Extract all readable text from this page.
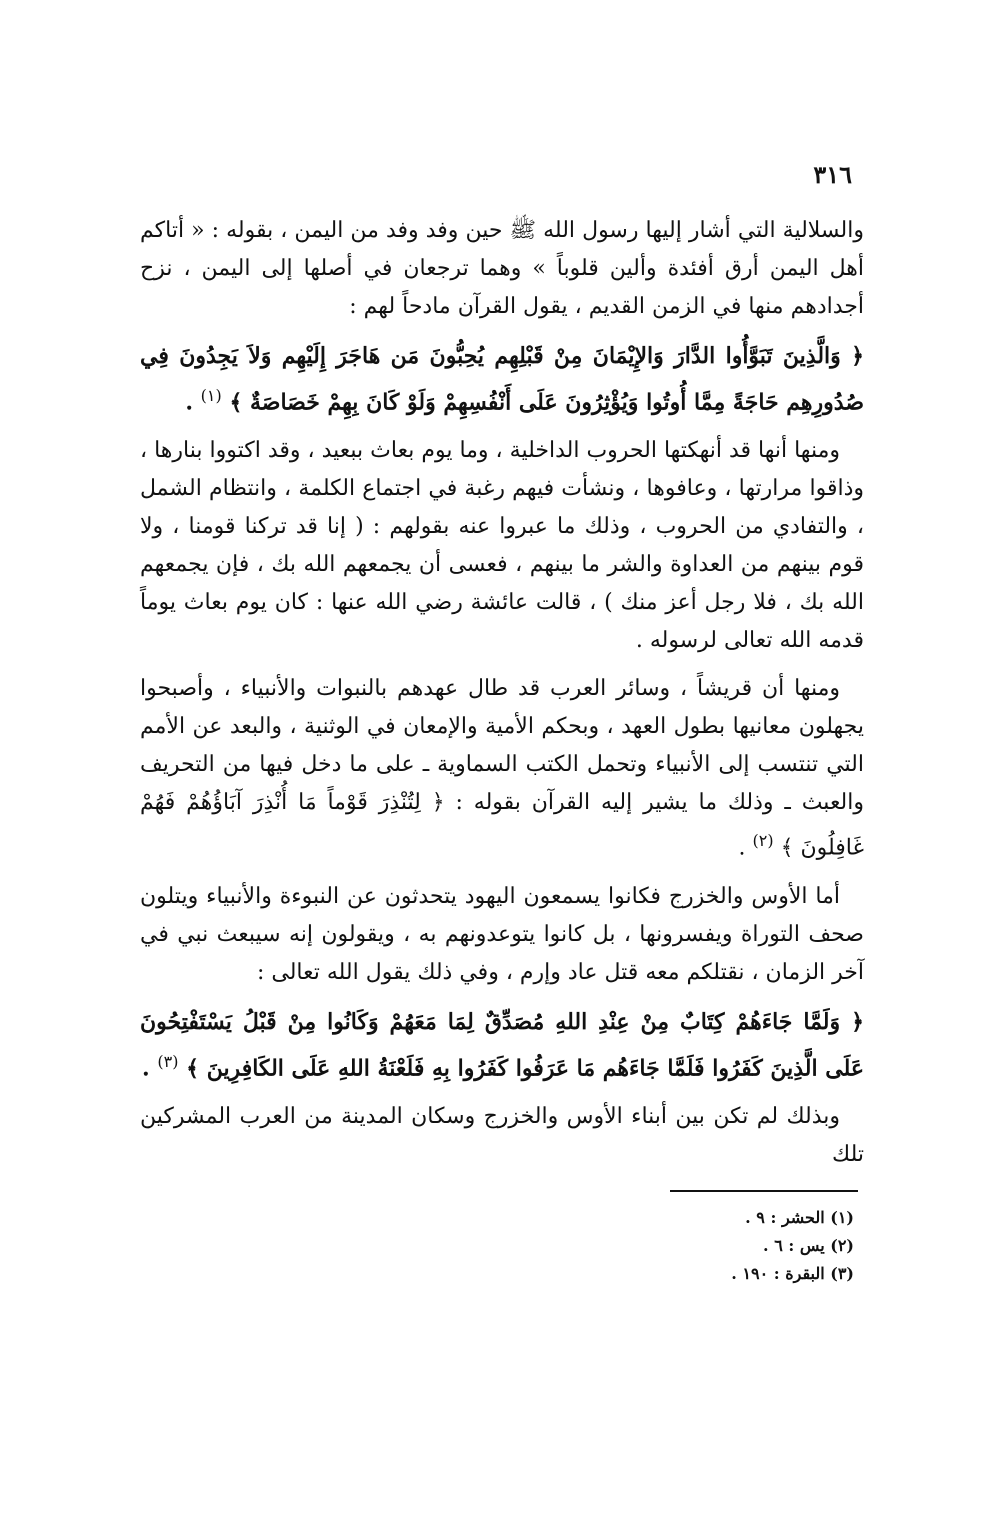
٣١٦

والسلالية التي أشار إليها رسول الله ﷺ حين وفد وفد من اليمن ، بقوله : « أتاكم أهل اليمن أرق أفئدة وألين قلوباً » وهما ترجعان في أصلها إلى اليمن ، نزح أجدادهم منها في الزمن القديم ، يقول القرآن مادحاً لهم :

﴿ وَالَّذِينَ تَبَوَّأُوا الدَّارَ وَالإِيْمَانَ مِنْ قَبْلِهِم يُحِبُّونَ مَن هَاجَرَ إِلَيْهِم وَلاَ يَجِدُونَ فِي صُدُورِهِم حَاجَةً مِمَّا أُوتُوا وَيُؤْثِرُونَ عَلَى أَنْفُسِهِمْ وَلَوْ كَانَ بِهِمْ خَصَاصَةٌ ﴾ $^{(١)}$ .

ومنها أنها قد أنهكتها الحروب الداخلية ، وما يوم بعاث ببعيد ، وقد اكتووا بنارها ، وذاقوا مرارتها ، وعافوها ، ونشأت فيهم رغبة في اجتماع الكلمة ، وانتظام الشمل ، والتفادي من الحروب ، وذلك ما عبروا عنه بقولهم : ( إنا قد تركنا قومنا ، ولا قوم بينهم من العداوة والشر ما بينهم ، فعسى أن يجمعهم الله بك ، فإن يجمعهم الله بك ، فلا رجل أعز منك ) ، قالت عائشة رضي الله عنها : كان يوم بعاث يوماً قدمه الله تعالى لرسوله .

ومنها أن قريشاً ، وسائر العرب قد طال عهدهم بالنبوات والأنبياء ، وأصبحوا يجهلون معانيها بطول العهد ، وبحكم الأمية والإمعان في الوثنية ، والبعد عن الأمم التي تنتسب إلى الأنبياء وتحمل الكتب السماوية ـ على ما دخل فيها من التحريف والعبث ـ وذلك ما يشير إليه القرآن بقوله : ﴿ لِتُنْذِرَ قَوْماً مَا أُنْذِرَ آبَاؤُهُمْ فَهُمْ غَافِلُونَ ﴾ $^{(٢)}$ .

أما الأوس والخزرج فكانوا يسمعون اليهود يتحدثون عن النبوءة والأنبياء ويتلون صحف التوراة ويفسرونها ، بل كانوا يتوعدونهم به ، ويقولون إنه سيبعث نبي في آخر الزمان ، نقتلكم معه قتل عاد وإرم ، وفي ذلك يقول الله تعالى :

﴿ وَلَمَّا جَاءَهُمْ كِتَابٌ مِنْ عِنْدِ اللهِ مُصَدِّقٌ لِمَا مَعَهُمْ وَكَانُوا مِنْ قَبْلُ يَسْتَفْتِحُونَ عَلَى الَّذِينَ كَفَرُوا فَلَمَّا جَاءَهُم مَا عَرَفُوا كَفَرُوا بِهِ فَلَعْنَةُ اللهِ عَلَى الكَافِرِينَ ﴾ $^{(٣)}$ .

وبذلك لم تكن بين أبناء الأوس والخزرج وسكان المدينة من العرب المشركين تلك

(١) الحشر : ٩ .

(٢) يس : ٦ .

(٣) البقرة : ١٩٠ .
